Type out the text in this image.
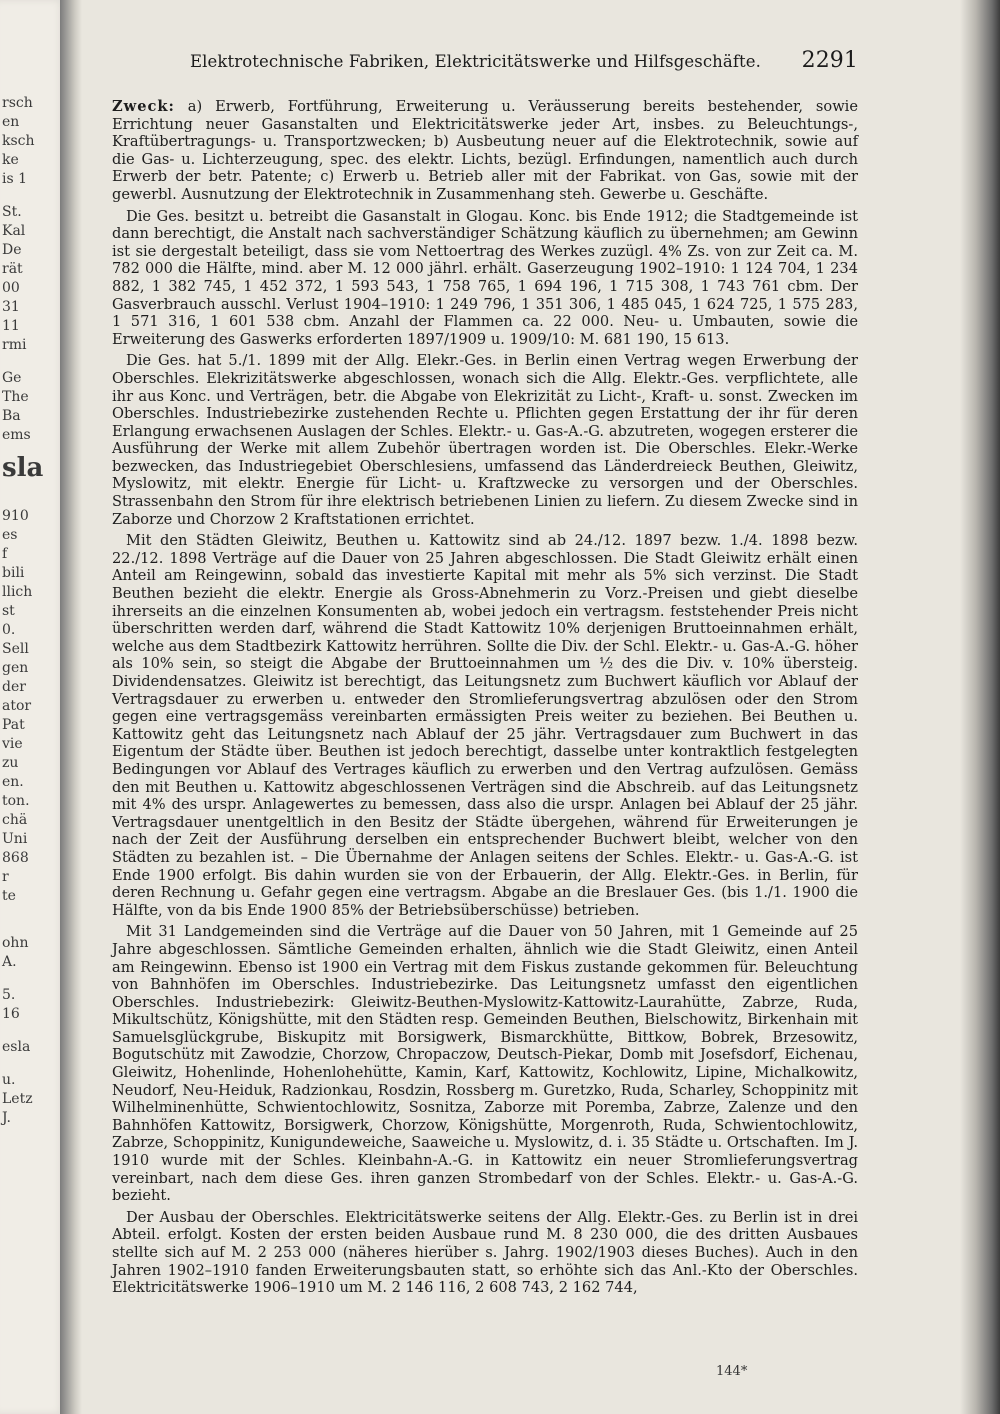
rsch
en
ksch
ke
is 1
St.
Kal
De
rät
00
31
11
rmi
Ge
The
Ba
ems
sla
910
es
f
bili
llich
st
0.
Sell
gen
der
ator
Pat
vie
zu
en.
ton.
chä
Uni
868
r
te
ohn
A.
5.
16
esla
u.
Letz
J.
Elektrotechnische Fabriken, Elektricitätswerke und Hilfsgeschäfte. 2291

Zweck: a) Erwerb, Fortführung, Erweiterung u. Veräusserung bereits bestehender, sowie Errichtung neuer Gasanstalten und Elektricitätswerke jeder Art, insbes. zu Beleuchtungs-, Kraftübertragungs- u. Transportzwecken; b) Ausbeutung neuer auf die Elektrotechnik, sowie auf die Gas- u. Lichterzeugung, spec. des elektr. Lichts, bezügl. Erfindungen, namentlich auch durch Erwerb der betr. Patente; c) Erwerb u. Betrieb aller mit der Fabrikat. von Gas, sowie mit der gewerbl. Ausnutzung der Elektrotechnik in Zusammenhang steh. Gewerbe u. Geschäfte.

Die Ges. besitzt u. betreibt die Gasanstalt in Glogau. Konc. bis Ende 1912; die Stadtgemeinde ist dann berechtigt, die Anstalt nach sachverständiger Schätzung käuflich zu übernehmen; am Gewinn ist sie dergestalt beteiligt, dass sie vom Nettoertrag des Werkes zuzügl. 4% Zs. von zur Zeit ca. M. 782 000 die Hälfte, mind. aber M. 12 000 jährl. erhält. Gaserzeugung 1902–1910: 1 124 704, 1 234 882, 1 382 745, 1 452 372, 1 593 543, 1 758 765, 1 694 196, 1 715 308, 1 743 761 cbm. Der Gasverbrauch ausschl. Verlust 1904–1910: 1 249 796, 1 351 306, 1 485 045, 1 624 725, 1 575 283, 1 571 316, 1 601 538 cbm. Anzahl der Flammen ca. 22 000. Neu- u. Umbauten, sowie die Erweiterung des Gaswerks erforderten 1897/1909 u. 1909/10: M. 681 190, 15 613.

Die Ges. hat 5./1. 1899 mit der Allg. Elekr.-Ges. in Berlin einen Vertrag wegen Erwerbung der Oberschles. Elekrizitätswerke abgeschlossen, wonach sich die Allg. Elektr.-Ges. verpflichtete, alle ihr aus Konc. und Verträgen, betr. die Abgabe von Elekrizität zu Licht-, Kraft- u. sonst. Zwecken im Oberschles. Industriebezirke zustehenden Rechte u. Pflichten gegen Erstattung der ihr für deren Erlangung erwachsenen Auslagen der Schles. Elektr.- u. Gas-A.-G. abzutreten, wogegen ersterer die Ausführung der Werke mit allem Zubehör übertragen worden ist. Die Oberschles. Elekr.-Werke bezwecken, das Industriegebiet Oberschlesiens, umfassend das Länderdreieck Beuthen, Gleiwitz, Myslowitz, mit elektr. Energie für Licht- u. Kraftzwecke zu versorgen und der Oberschles. Strassenbahn den Strom für ihre elektrisch betriebenen Linien zu liefern. Zu diesem Zwecke sind in Zaborze und Chorzow 2 Kraftstationen errichtet.

Mit den Städten Gleiwitz, Beuthen u. Kattowitz sind ab 24./12. 1897 bezw. 1./4. 1898 bezw. 22./12. 1898 Verträge auf die Dauer von 25 Jahren abgeschlossen. Die Stadt Gleiwitz erhält einen Anteil am Reingewinn, sobald das investierte Kapital mit mehr als 5% sich verzinst. Die Stadt Beuthen bezieht die elektr. Energie als Gross-Abnehmerin zu Vorz.-Preisen und giebt dieselbe ihrerseits an die einzelnen Konsumenten ab, wobei jedoch ein vertragsm. feststehender Preis nicht überschritten werden darf, während die Stadt Kattowitz 10% derjenigen Bruttoeinnahmen erhält, welche aus dem Stadtbezirk Kattowitz herrühren. Sollte die Div. der Schl. Elektr.- u. Gas-A.-G. höher als 10% sein, so steigt die Abgabe der Bruttoeinnahmen um ½ des die Div. v. 10% übersteig. Dividendensatzes. Gleiwitz ist berechtigt, das Leitungsnetz zum Buchwert käuflich vor Ablauf der Vertragsdauer zu erwerben u. entweder den Stromlieferungsvertrag abzulösen oder den Strom gegen eine vertragsgemäss vereinbarten ermässigten Preis weiter zu beziehen. Bei Beuthen u. Kattowitz geht das Leitungsnetz nach Ablauf der 25 jähr. Vertragsdauer zum Buchwert in das Eigentum der Städte über. Beuthen ist jedoch berechtigt, dasselbe unter kontraktlich festgelegten Bedingungen vor Ablauf des Vertrages käuflich zu erwerben und den Vertrag aufzulösen. Gemäss den mit Beuthen u. Kattowitz abgeschlossenen Verträgen sind die Abschreib. auf das Leitungsnetz mit 4% des urspr. Anlagewertes zu bemessen, dass also die urspr. Anlagen bei Ablauf der 25 jähr. Vertragsdauer unentgeltlich in den Besitz der Städte übergehen, während für Erweiterungen je nach der Zeit der Ausführung derselben ein entsprechender Buchwert bleibt, welcher von den Städten zu bezahlen ist. – Die Übernahme der Anlagen seitens der Schles. Elektr.- u. Gas-A.-G. ist Ende 1900 erfolgt. Bis dahin wurden sie von der Erbauerin, der Allg. Elektr.-Ges. in Berlin, für deren Rechnung u. Gefahr gegen eine vertragsm. Abgabe an die Breslauer Ges. (bis 1./1. 1900 die Hälfte, von da bis Ende 1900 85% der Betriebsüberschüsse) betrieben.

Mit 31 Landgemeinden sind die Verträge auf die Dauer von 50 Jahren, mit 1 Gemeinde auf 25 Jahre abgeschlossen. Sämtliche Gemeinden erhalten, ähnlich wie die Stadt Gleiwitz, einen Anteil am Reingewinn. Ebenso ist 1900 ein Vertrag mit dem Fiskus zustande gekommen für. Beleuchtung von Bahnhöfen im Oberschles. Industriebezirke. Das Leitungsnetz umfasst den eigentlichen Oberschles. Industriebezirk: Gleiwitz-Beuthen-Myslowitz-Kattowitz-Laurahütte, Zabrze, Ruda, Mikultschütz, Königshütte, mit den Städten resp. Gemeinden Beuthen, Bielschowitz, Birkenhain mit Samuelsglückgrube, Biskupitz mit Borsigwerk, Bismarckhütte, Bittkow, Bobrek, Brzesowitz, Bogutschütz mit Zawodzie, Chorzow, Chropaczow, Deutsch-Piekar, Domb mit Josefsdorf, Eichenau, Gleiwitz, Hohenlinde, Hohenlohehütte, Kamin, Karf, Kattowitz, Kochlowitz, Lipine, Michalkowitz, Neudorf, Neu-Heiduk, Radzionkau, Rosdzin, Rossberg m. Guretzko, Ruda, Scharley, Schoppinitz mit Wilhelminenhütte, Schwientochlowitz, Sosnitza, Zaborze mit Poremba, Zabrze, Zalenze und den Bahnhöfen Kattowitz, Borsigwerk, Chorzow, Königshütte, Morgenroth, Ruda, Schwientochlowitz, Zabrze, Schoppinitz, Kunigundeweiche, Saaweiche u. Myslowitz, d. i. 35 Städte u. Ortschaften. Im J. 1910 wurde mit der Schles. Kleinbahn-A.-G. in Kattowitz ein neuer Stromlieferungsvertrag vereinbart, nach dem diese Ges. ihren ganzen Strombedarf von der Schles. Elektr.- u. Gas-A.-G. bezieht.

Der Ausbau der Oberschles. Elektricitätswerke seitens der Allg. Elektr.-Ges. zu Berlin ist in drei Abteil. erfolgt. Kosten der ersten beiden Ausbaue rund M. 8 230 000, die des dritten Ausbaues stellte sich auf M. 2 253 000 (näheres hierüber s. Jahrg. 1902/1903 dieses Buches). Auch in den Jahren 1902–1910 fanden Erweiterungsbauten statt, so erhöhte sich das Anl.-Kto der Oberschles. Elektricitätswerke 1906–1910 um M. 2 146 116, 2 608 743, 2 162 744,

144*
